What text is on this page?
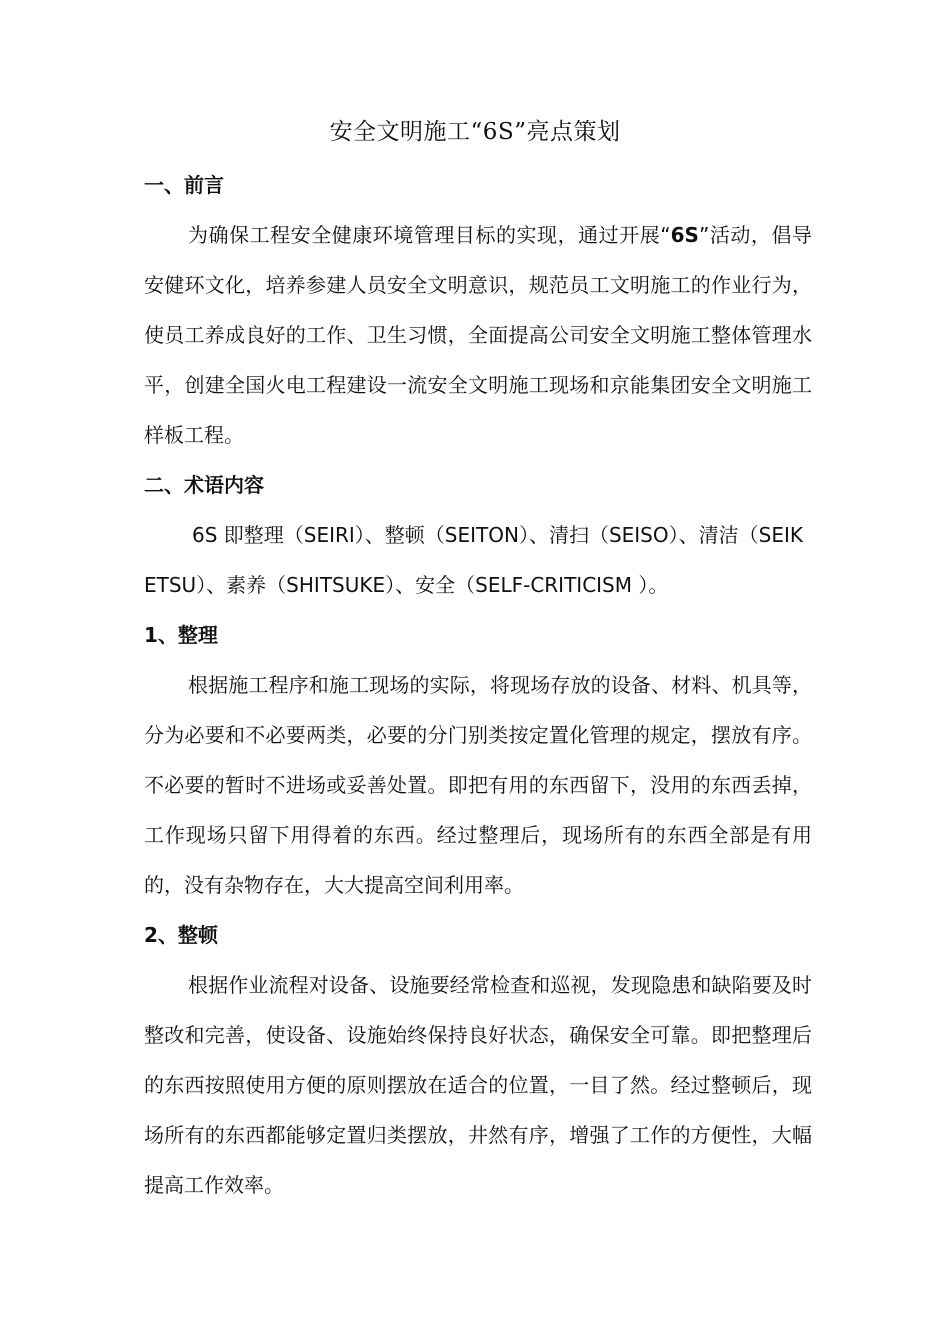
安全文明施工“6S”亮点策划
一、前言

为确保工程安全健康环境管理目标的实现，通过开展“6S”活动，倡导安健环文化，培养参建人员安全文明意识，规范员工文明施工的作业行为，使员工养成良好的工作、卫生习惯，全面提高公司安全文明施工整体管理水平，创建全国火电工程建设一流安全文明施工现场和京能集团安全文明施工样板工程。

二、术语内容

6S 即整理（SEIRI）、整顿（SEITON）、清扫（SEISO）、清洁（SEIKETSU）、素养（SHITSUKE）、安全（SELF-CRITICISM ）。

1、整理

根据施工程序和施工现场的实际，将现场存放的设备、材料、机具等，分为必要和不必要两类，必要的分门别类按定置化管理的规定，摆放有序。不必要的暂时不进场或妥善处置。即把有用的东西留下，没用的东西丢掉，工作现场只留下用得着的东西。经过整理后，现场所有的东西全部是有用的，没有杂物存在，大大提高空间利用率。

2、整顿

根据作业流程对设备、设施要经常检查和巡视，发现隐患和缺陷要及时整改和完善，使设备、设施始终保持良好状态，确保安全可靠。即把整理后的东西按照使用方便的原则摆放在适合的位置，一目了然。经过整顿后，现场所有的东西都能够定置归类摆放，井然有序，增强了工作的方便性，大幅提高工作效率。
